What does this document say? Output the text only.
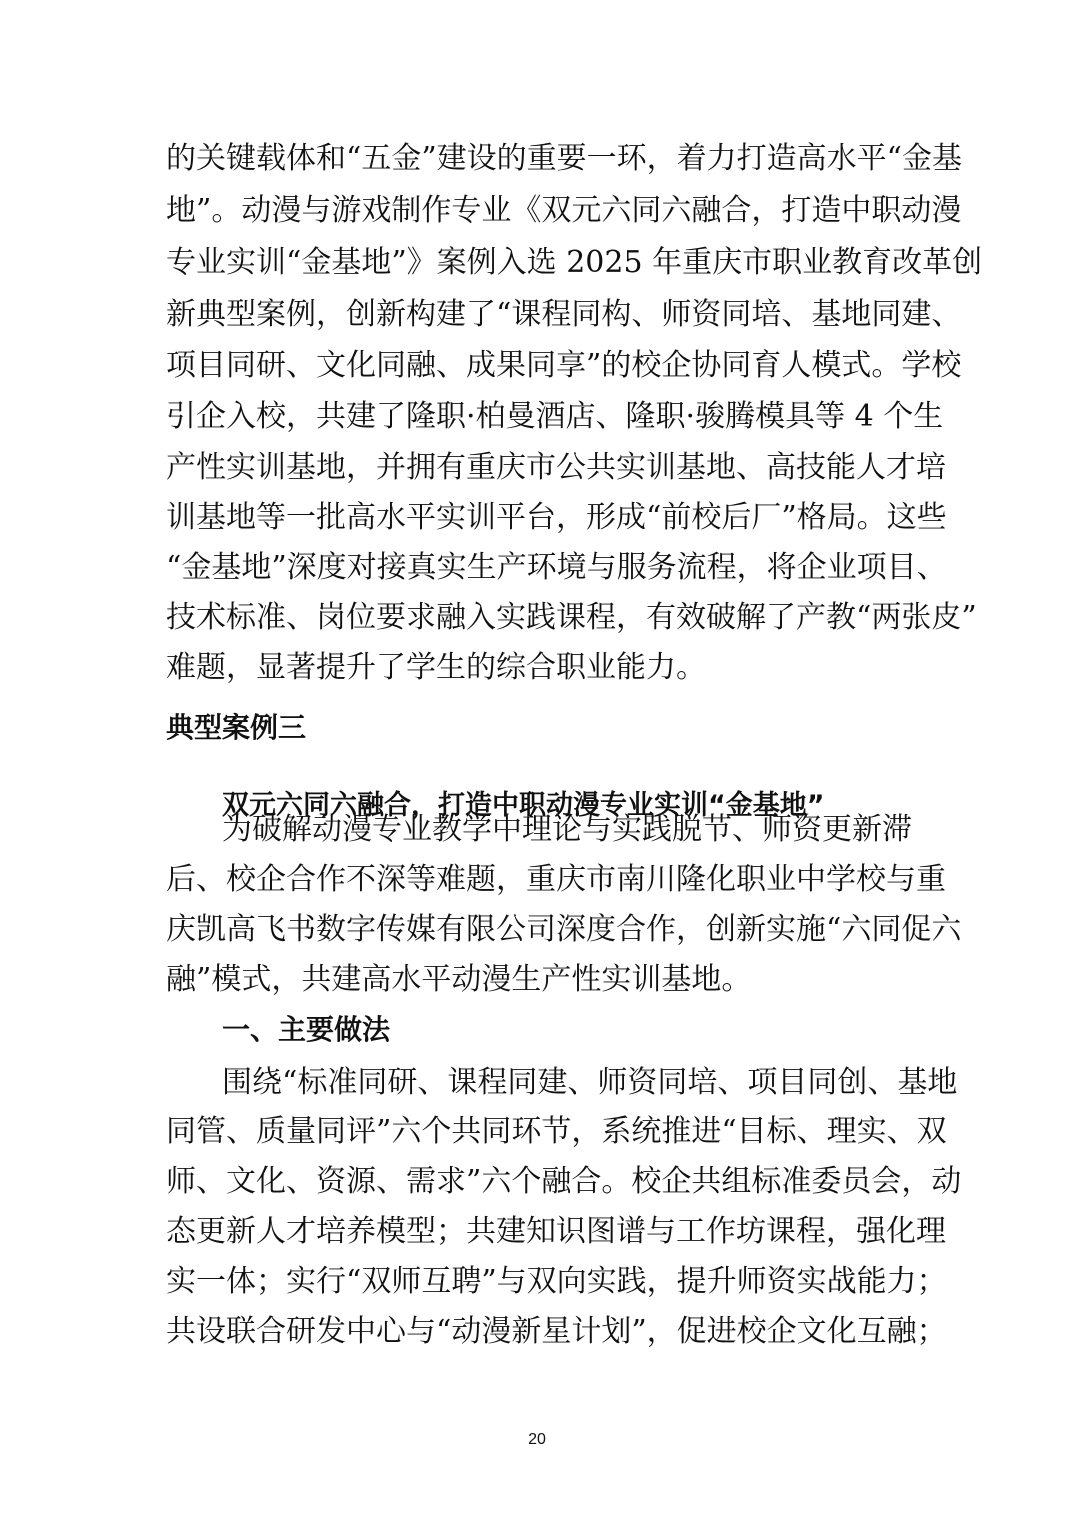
的关键载体和“五金”建设的重要一环，着力打造高水平“金基
地”。动漫与游戏制作专业《双元六同六融合，打造中职动漫
专业实训“金基地”》案例入选 2025 年重庆市职业教育改革创
新典型案例，创新构建了“课程同构、师资同培、基地同建、
项目同研、文化同融、成果同享”的校企协同育人模式。学校
引企入校，共建了隆职·柏曼酒店、隆职·骏腾模具等 4 个生
产性实训基地，并拥有重庆市公共实训基地、高技能人才培
训基地等一批高水平实训平台，形成“前校后厂”格局。这些
“金基地”深度对接真实生产环境与服务流程，将企业项目、
技术标准、岗位要求融入实践课程，有效破解了产教“两张皮”
难题，显著提升了学生的综合职业能力。
典型案例三
双元六同六融合，打造中职动漫专业实训“金基地”
为破解动漫专业教学中理论与实践脱节、师资更新滞
后、校企合作不深等难题，重庆市南川隆化职业中学校与重
庆凯高飞书数字传媒有限公司深度合作，创新实施“六同促六
融”模式，共建高水平动漫生产性实训基地。
一、主要做法
围绕“标准同研、课程同建、师资同培、项目同创、基地
同管、质量同评”六个共同环节，系统推进“目标、理实、双
师、文化、资源、需求”六个融合。校企共组标准委员会，动
态更新人才培养模型；共建知识图谱与工作坊课程，强化理
实一体；实行“双师互聘”与双向实践，提升师资实战能力；
共设联合研发中心与“动漫新星计划”，促进校企文化互融；
20
